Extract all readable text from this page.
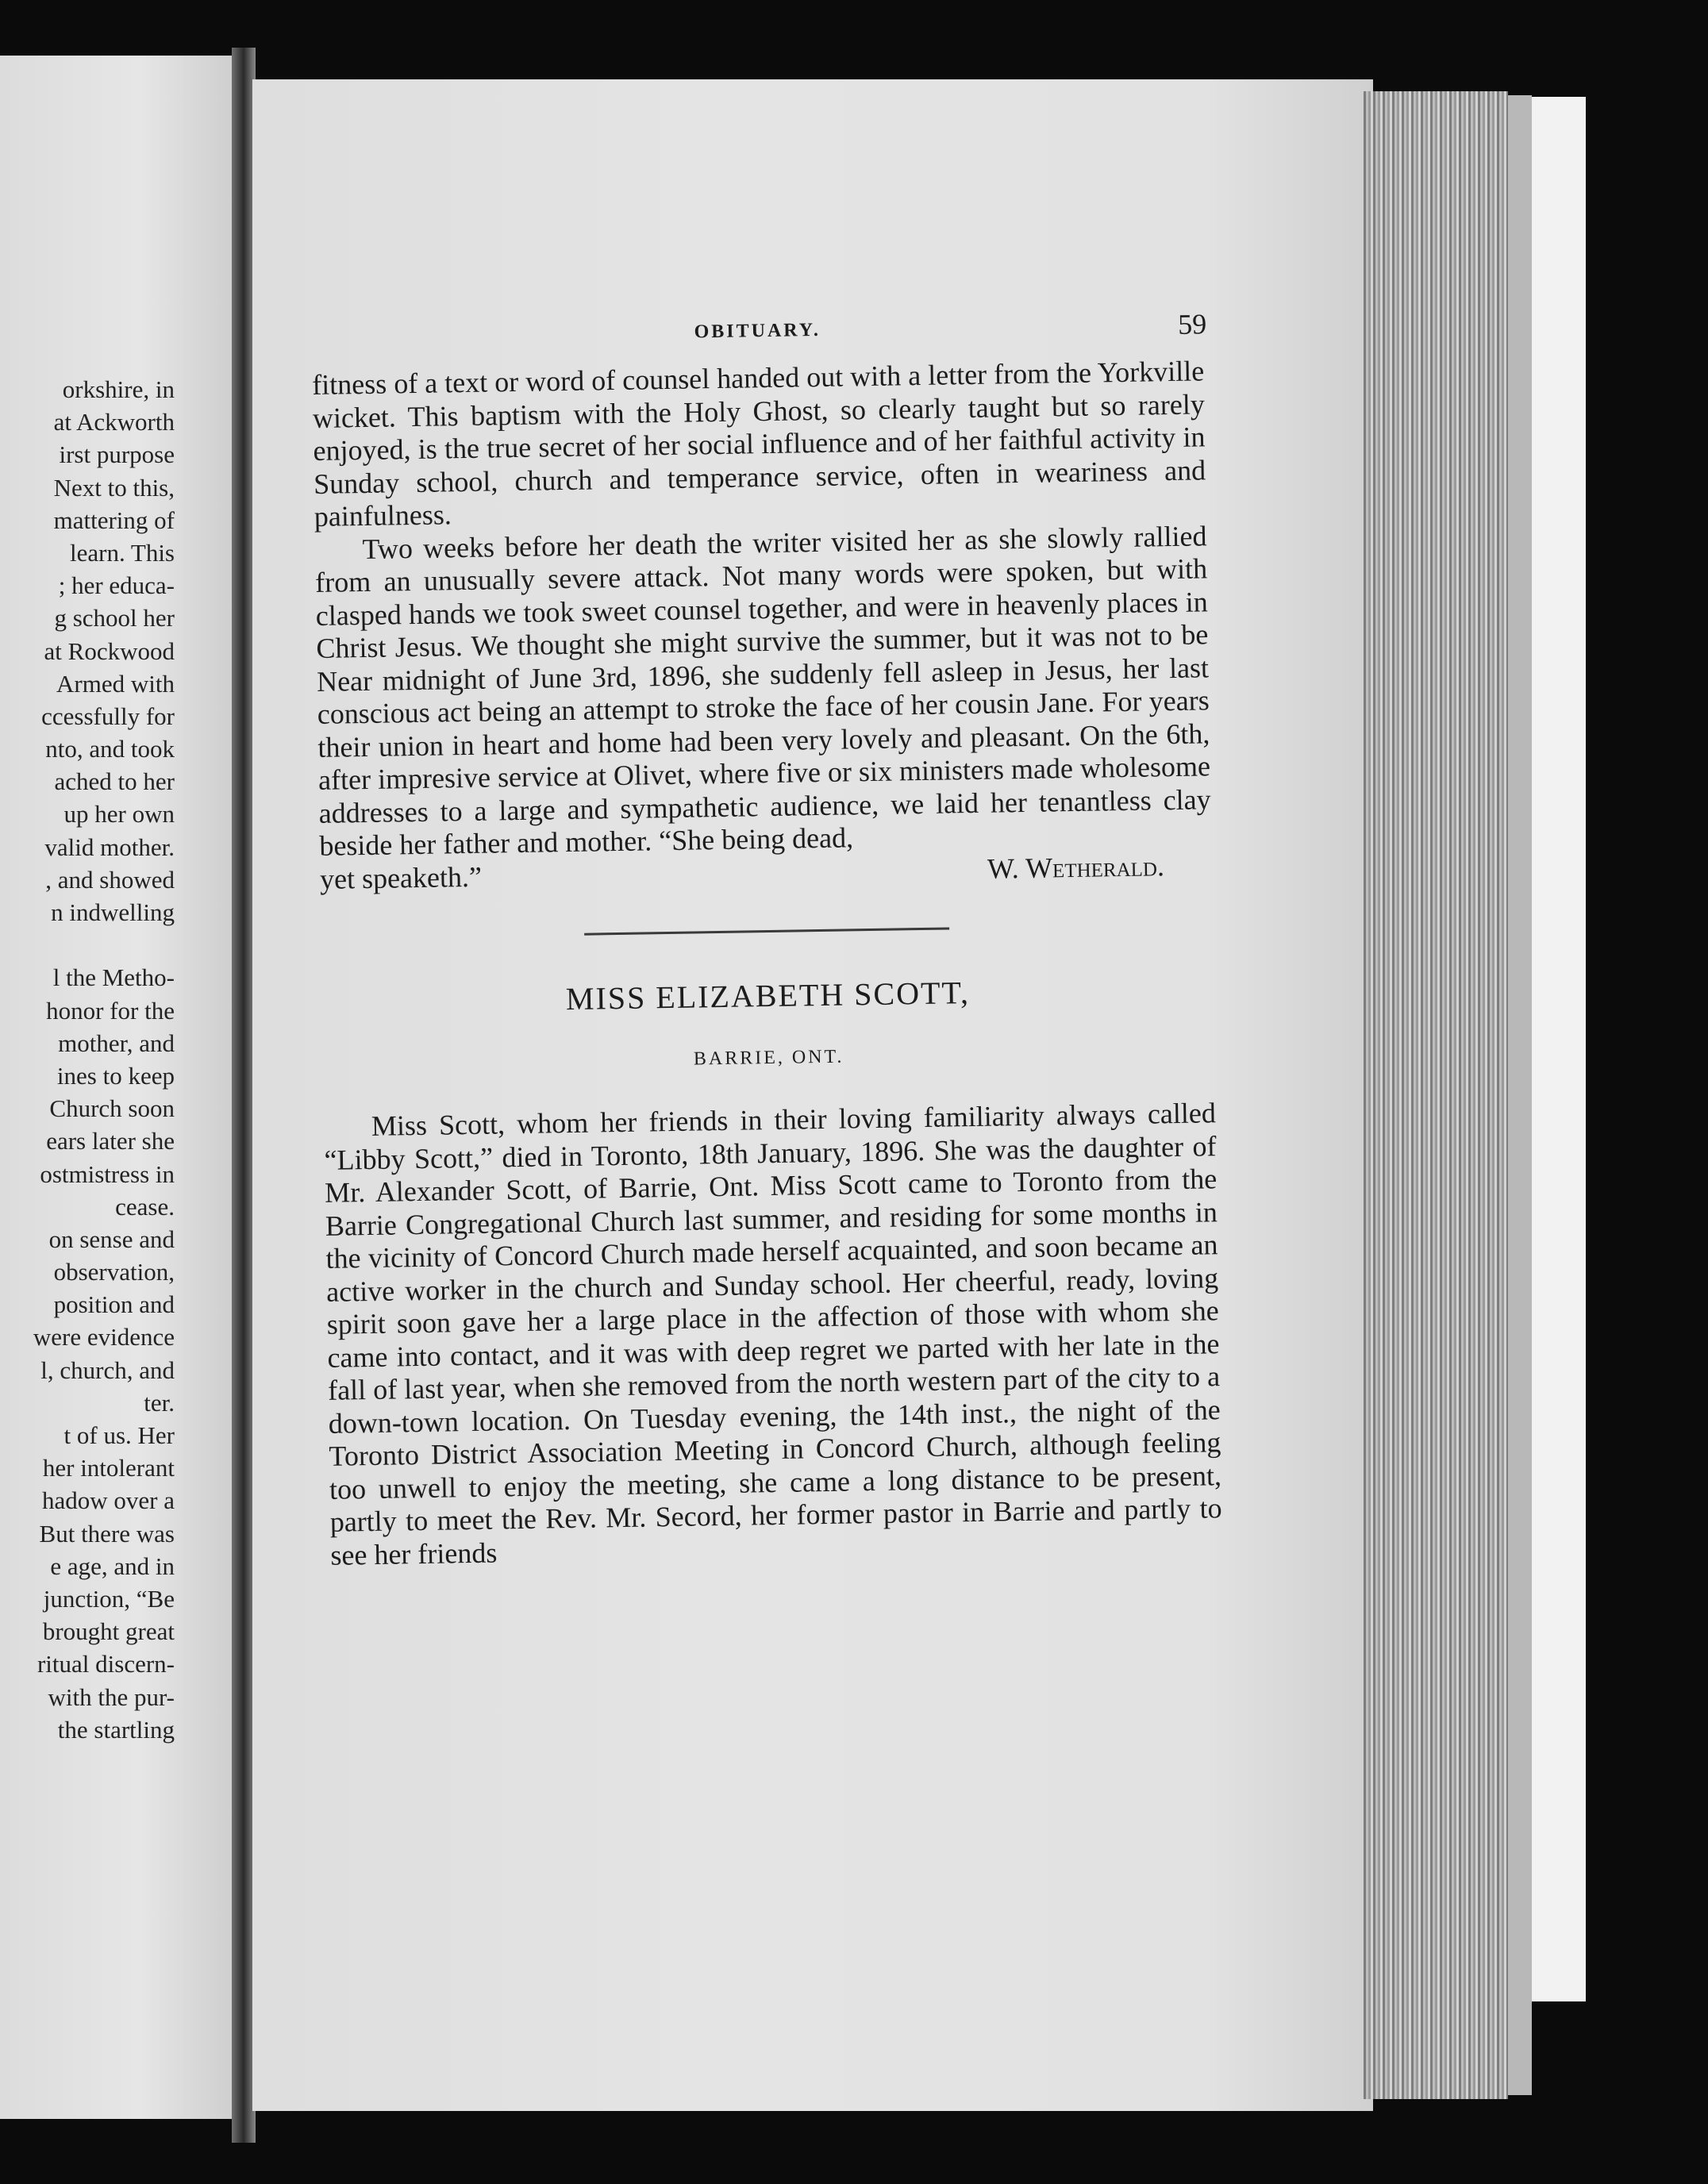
orkshire, in
at Ackworth
irst purpose
Next to this,
mattering of
learn. This
; her educa-
g school her
at Rockwood
Armed with
ccessfully for
nto, and took
ached to her
up her own
valid mother.
, and showed
n indwelling
l the Metho-
honor for the
mother, and
ines to keep
Church soon
ears later she
ostmistress in
cease.
on sense and
observation,
position and
were evidence
l, church, and
ter.
t of us. Her
her intolerant
hadow over a
But there was
e age, and in
junction, “Be
brought great
ritual discern-
with the pur-
the startling
OBITUARY.	59

fitness of a text or word of counsel handed out with a letter from the Yorkville wicket. This baptism with the Holy Ghost, so clearly taught but so rarely enjoyed, is the true secret of her social influence and of her faithful activity in Sunday school, church and temperance service, often in weariness and painfulness.

Two weeks before her death the writer visited her as she slowly rallied from an unusually severe attack. Not many words were spoken, but with clasped hands we took sweet counsel together, and were in heavenly places in Christ Jesus. We thought she might survive the summer, but it was not to be Near midnight of June 3rd, 1896, she suddenly fell asleep in Jesus, her last conscious act being an attempt to stroke the face of her cousin Jane. For years their union in heart and home had been very lovely and pleasant. On the 6th, after impresive service at Olivet, where five or six ministers made wholesome addresses to a large and sympathetic audience, we laid her tenantless clay beside her father and mother. “She being dead,

yet speaketh.”	W. Wetherald.
MISS ELIZABETH SCOTT,
BARRIE, ONT.

Miss Scott, whom her friends in their loving familiarity always called “Libby Scott,” died in Toronto, 18th January, 1896. She was the daughter of Mr. Alexander Scott, of Barrie, Ont. Miss Scott came to Toronto from the Barrie Congregational Church last summer, and residing for some months in the vicinity of Concord Church made herself acquainted, and soon became an active worker in the church and Sunday school. Her cheerful, ready, loving spirit soon gave her a large place in the affection of those with whom she came into contact, and it was with deep regret we parted with her late in the fall of last year, when she removed from the north western part of the city to a down-town location. On Tuesday evening, the 14th inst., the night of the Toronto District Association Meeting in Concord Church, although feeling too unwell to enjoy the meeting, she came a long distance to be present, partly to meet the Rev. Mr. Secord, her former pastor in Barrie and partly to see her friends
